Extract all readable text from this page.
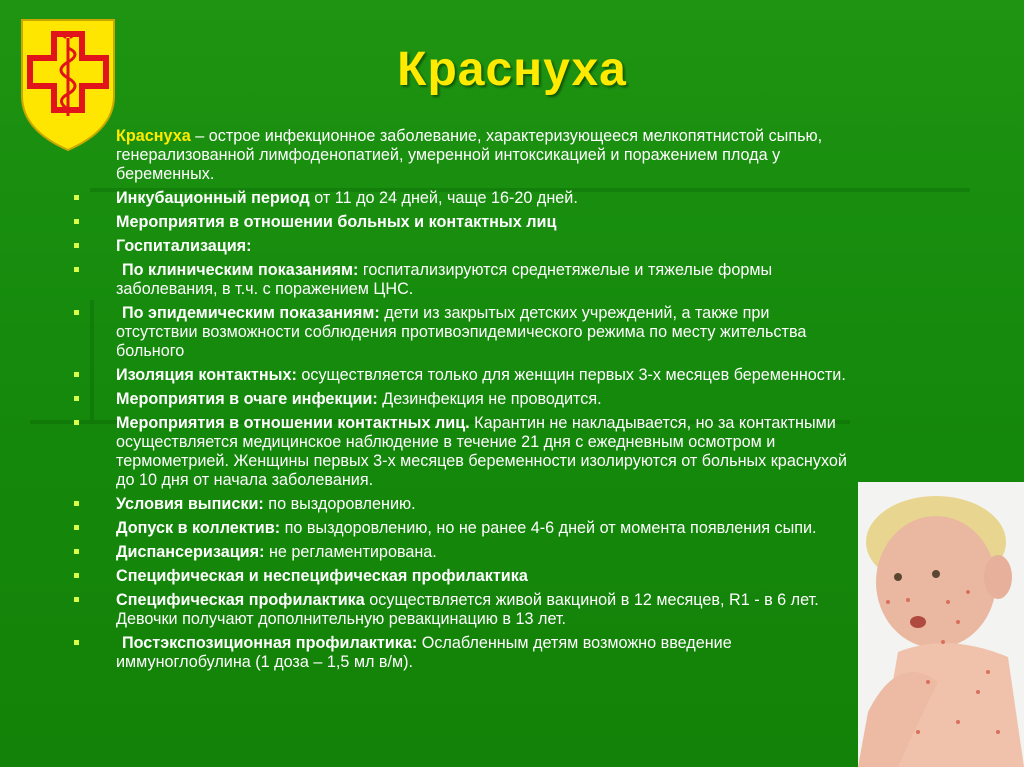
Краснуха
Краснуха – острое инфекционное заболевание, характеризующееся мелкопятнистой сыпью, генерализованной лимфоденопатией, умеренной интоксикацией и поражением плода у беременных.
Инкубационный период от 11 до 24 дней, чаще 16-20 дней.
Мероприятия в отношении больных и контактных лиц
Госпитализация:
По клиническим показаниям: госпитализируются среднетяжелые и тяжелые формы заболевания, в т.ч. с поражением ЦНС.
По эпидемическим показаниям: дети из закрытых детских учреждений, а также при отсутствии возможности соблюдения противоэпидемического режима по месту жительства больного
Изоляция контактных: осуществляется только для женщин первых 3-х месяцев беременности.
Мероприятия в очаге инфекции: Дезинфекция не проводится.
Мероприятия в отношении контактных лиц. Карантин не накладывается, но за контактными осуществляется медицинское наблюдение в течение 21 дня с ежедневным осмотром и термометрией. Женщины первых 3-х месяцев беременности изолируются от больных краснухой до 10 дня от начала заболевания.
Условия выписки: по выздоровлению.
Допуск в коллектив: по выздоровлению, но не ранее 4-6 дней от момента появления сыпи.
Диспансеризация: не регламентирована.
Специфическая и неспецифическая профилактика
Специфическая профилактика осуществляется живой вакциной в 12 месяцев, R1 - в 6 лет. Девочки получают дополнительную ревакцинацию в 13 лет.
Постэкспозиционная профилактика: Ослабленным детям возможно введение иммуноглобулина (1 доза – 1,5 мл в/м).
